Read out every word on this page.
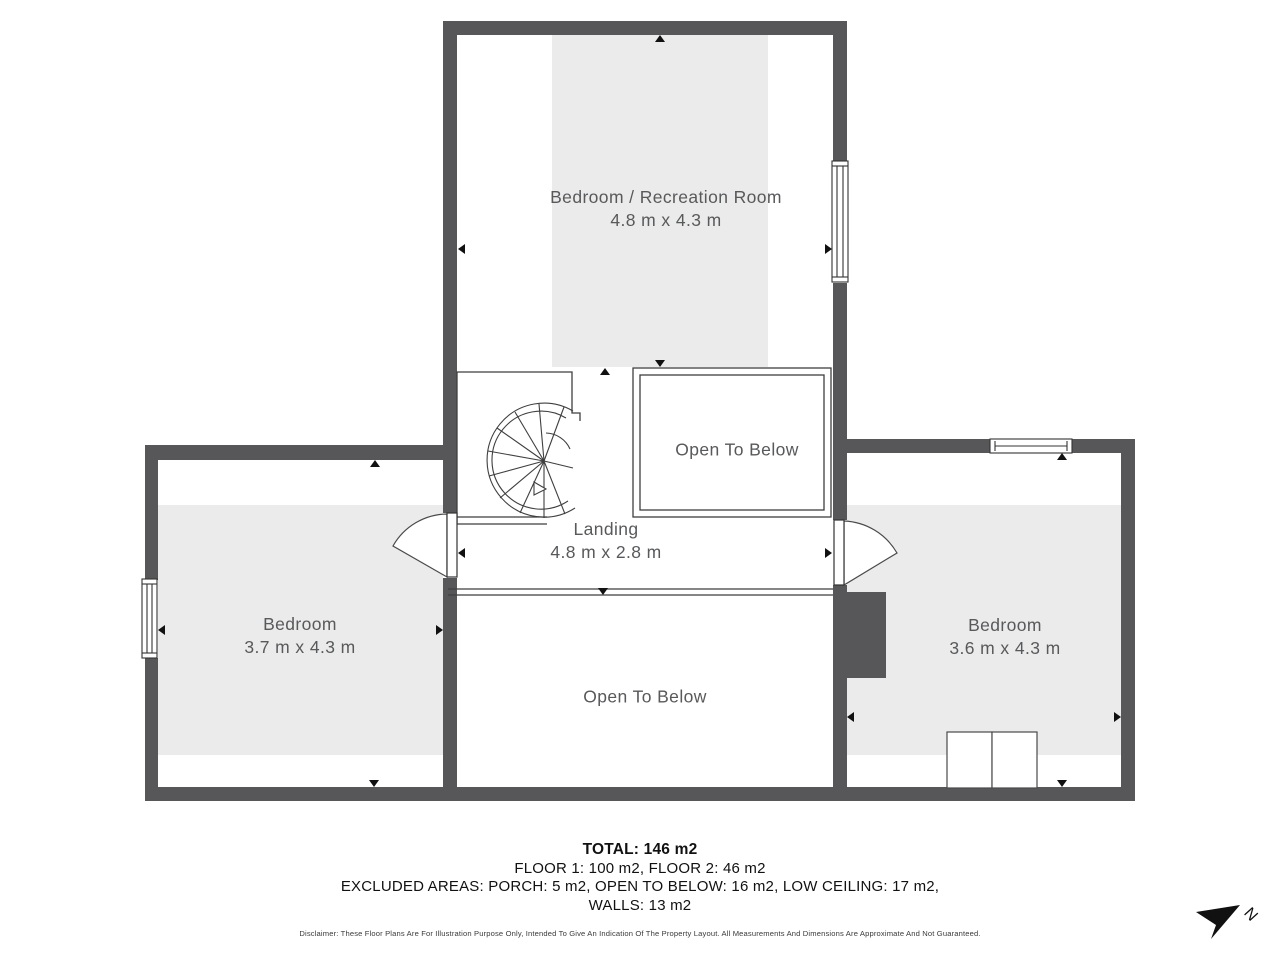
N
Bedroom / Recreation Room
4.8 m x 4.3 m
Open To Below
Landing
4.8 m x 2.8 m
Bedroom
3.7 m x 4.3 m
Bedroom
3.6 m x 4.3 m
Open To Below
TOTAL: 146 m2
FLOOR 1: 100 m2, FLOOR 2: 46 m2
EXCLUDED AREAS: PORCH: 5 m2, OPEN TO BELOW: 16 m2, LOW CEILING: 17 m2,
WALLS: 13 m2
Disclaimer: These Floor Plans Are For Illustration Purpose Only, Intended To Give An Indication Of The Property Layout. All Measurements And Dimensions Are Approximate And Not Guaranteed.
